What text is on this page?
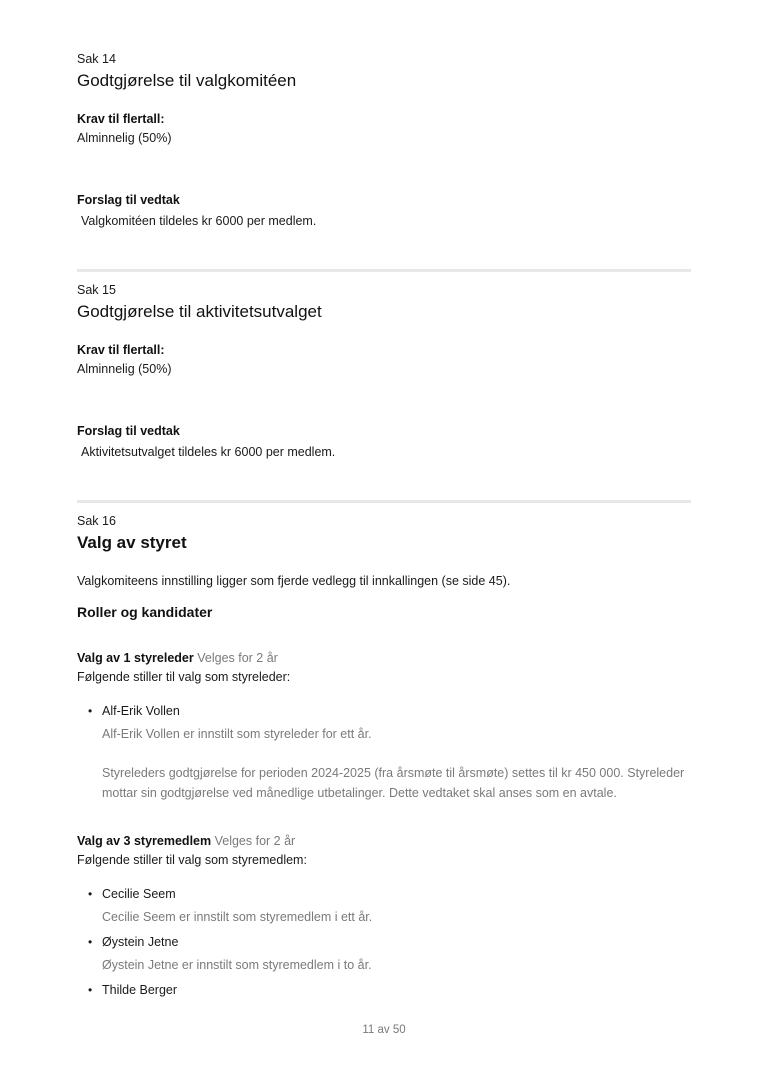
Sak 14
Godtgjørelse til valgkomitéen
Krav til flertall:
Alminnelig (50%)
Forslag til vedtak
Valgkomitéen tildeles kr 6000 per medlem.
Sak 15
Godtgjørelse til aktivitetsutvalget
Krav til flertall:
Alminnelig (50%)
Forslag til vedtak
Aktivitetsutvalget tildeles kr 6000 per medlem.
Sak 16
Valg av styret
Valgkomiteens innstilling ligger som fjerde vedlegg til innkallingen (se side 45).
Roller og kandidater
Valg av 1 styreleder Velges for 2 år
Følgende stiller til valg som styreleder:
• Alf-Erik Vollen
Alf-Erik Vollen er innstilt som styreleder for ett år.
Styreleders godtgjørelse for perioden 2024-2025 (fra årsmøte til årsmøte) settes til kr 450 000. Styreleder
mottar sin godtgjørelse ved månedlige utbetalinger. Dette vedtaket skal anses som en avtale.
Valg av 3 styremedlem Velges for 2 år
Følgende stiller til valg som styremedlem:
• Cecilie Seem
Cecilie Seem er innstilt som styremedlem i ett år.
• Øystein Jetne
Øystein Jetne er innstilt som styremedlem i to år.
• Thilde Berger
11 av 50
